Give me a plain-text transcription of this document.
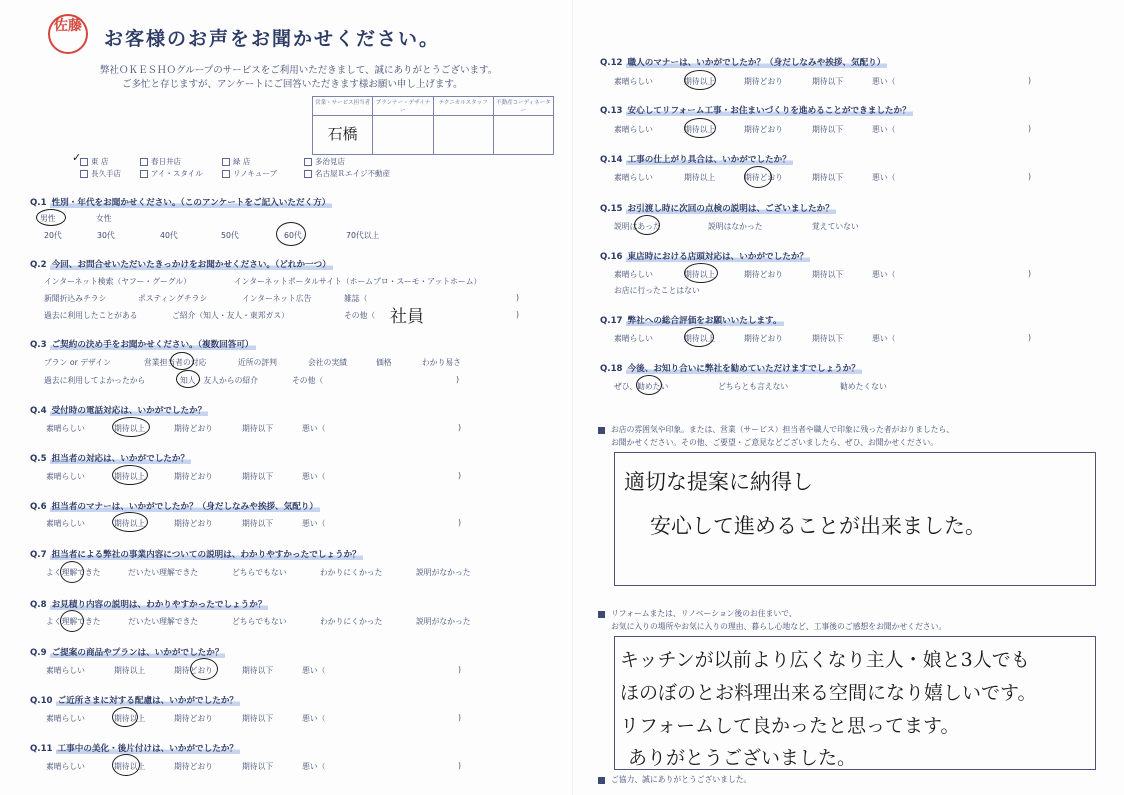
佐藤
お客様のお声をお聞かせください。
弊社ＯＫＥＳＨＯグループのサービスをご利用いただきまして、誠にありがとうございます。
ご多忙と存じますが、アンケートにご回答いただきます様お願い申し上げます。
営業・サービス担当者	プランナー・デザイナー	テクニカルスタッフ	不動産コーディネーター

石橋			

✓	東 店	春日井店	緑 店	多治見店
長久手店	アイ・スタイル	リノキューブ	名古屋Ｒエイジ不動産
Q.1 性別・年代をお聞かせください。（このアンケートをご記入いただく方）
男性	女性
20代	30代	40代	50代	60代	70代以上
Q.2 今回、お問合せいただいたきっかけをお聞かせください。（どれか一つ）
インターネット検索（ヤフー・グーグル）	インターネットポータルサイト（ホームプロ・スーモ・アットホーム）
新聞折込みチラシ	ポスティングチラシ	インターネット広告	雑誌（	)
過去に利用したことがある	ご紹介（知人・友人・東邦ガス）	その他（	)
社員
Q.3 ご契約の決め手をお聞かせください。（複数回答可）
プラン or デザイン	営業担当者の対応	近所の評判	会社の実績	価格	わかり易さ
過去に利用してよかったから	知人・友人からの紹介	その他（	)
Q.4 受付時の電話対応は、いかがでしたか？
素晴らしい	期待以上	期待どおり	期待以下	悪い（	)
Q.5 担当者の対応は、いかがでしたか？
素晴らしい	期待以上	期待どおり	期待以下	悪い（	)
Q.6 担当者のマナーは、いかがでしたか？（身だしなみや挨拶、気配り）
素晴らしい	期待以上	期待どおり	期待以下	悪い（	)
Q.7 担当者による弊社の事業内容についての説明は、わかりやすかったでしょうか？
よく理解できた	だいたい理解できた	どちらでもない	わかりにくかった	説明がなかった
Q.8 お見積り内容の説明は、わかりやすかったでしょうか？
よく理解できた	だいたい理解できた	どちらでもない	わかりにくかった	説明がなかった
Q.9 ご提案の商品やプランは、いかがでしたか？
素晴らしい	期待以上	期待どおり	期待以下	悪い（	)
Q.10 ご近所さまに対する配慮は、いかがでしたか？
素晴らしい	期待以上	期待どおり	期待以下	悪い（	)
Q.11 工事中の美化・後片付けは、いかがでしたか？
素晴らしい	期待以上	期待どおり	期待以下	悪い（	)
Q.12 職人のマナーは、いかがでしたか？（身だしなみや挨拶、気配り）
素晴らしい	期待以上	期待どおり	期待以下	悪い（	)
Q.13 安心してリフォーム工事・お住まいづくりを進めることができましたか？
素晴らしい	期待以上	期待どおり	期待以下	悪い（	)
Q.14 工事の仕上がり具合は、いかがでしたか？
素晴らしい	期待以上	期待どおり	期待以下	悪い（	)
Q.15 お引渡し時に次回の点検の説明は、ございましたか？
説明はあった	説明はなかった	覚えていない
Q.16 東店時における店頭対応は、いかがでしたか？
素晴らしい	期待以上	期待どおり	期待以下	悪い（	)
お店に行ったことはない
Q.17 弊社への総合評価をお願いいたします。
素晴らしい	期待以上	期待どおり	期待以下	悪い（	)
Q.18 今後、お知り合いに弊社を勧めていただけますでしょうか？
ぜひ、勧めたい	どちらとも言えない	勧めたくない
お店の雰囲気や印象。または、営業（サービス）担当者や職人で印象に残った者がおりましたら、
お聞かせください。その他、ご要望・ご意見などございましたら、ぜひ、お聞かせください。
適切な提案に納得し
安心して進めることが出来ました。
リフォームまたは、リノベーション後のお住まいで、
お気に入りの場所やお気に入りの理由、暮らし心地など、工事後のご感想をお聞かせください。
キッチンが以前より広くなり主人・娘と3人でも
ほのぼのとお料理出来る空間になり嬉しいです。
リフォームして良かったと思ってます。
ありがとうございました。
ご協力、誠にありがとうございました。
